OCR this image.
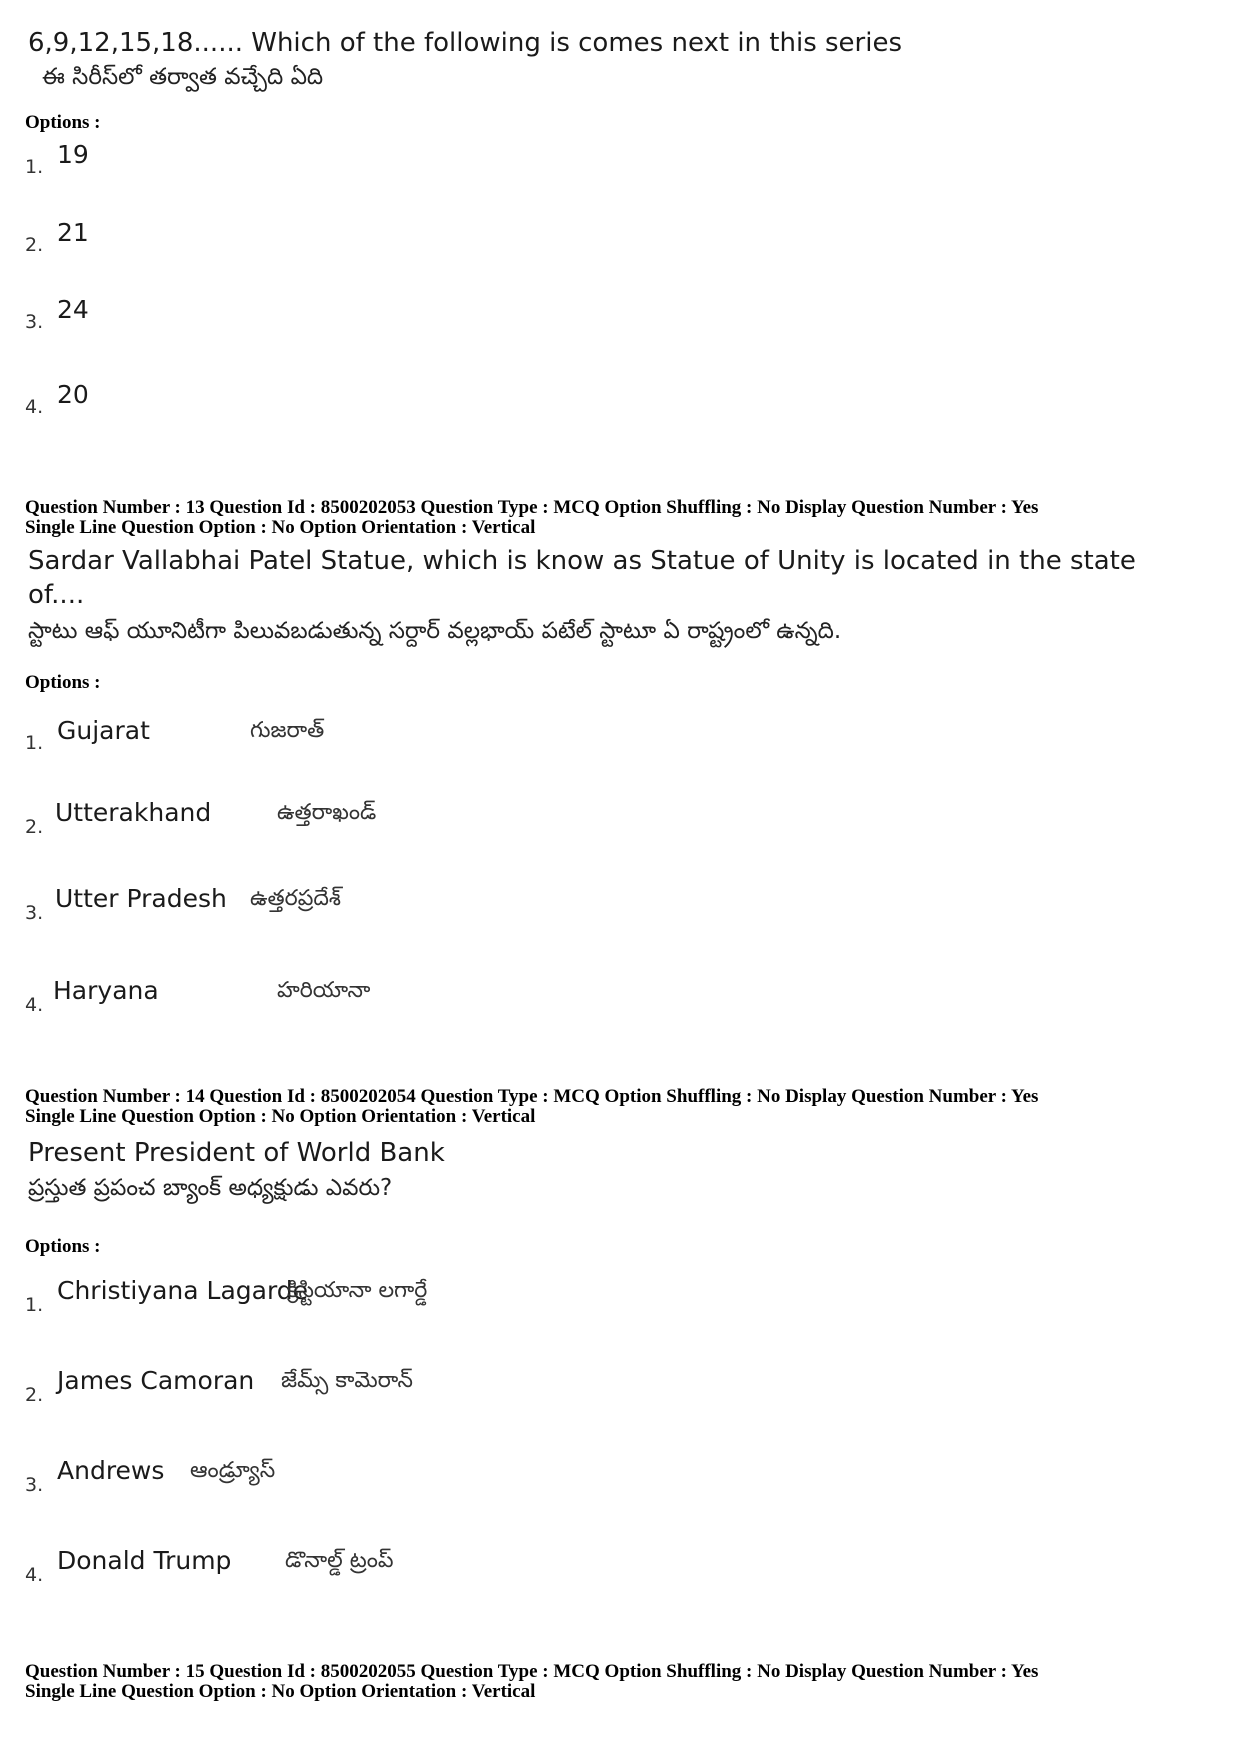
6,9,12,15,18...... Which of the following is comes next in this series
ఈ సిరీస్‌లో తర్వాత వచ్చేది ఏది
Options :
1. 19
2. 21
3. 24
4. 20
Question Number : 13 Question Id : 8500202053 Question Type : MCQ Option Shuffling : No Display Question Number : Yes
Single Line Question Option : No Option Orientation : Vertical
Sardar Vallabhai Patel Statue, which is know as Statue of Unity is located in the state
of....
స్టాటు ఆఫ్ యూనిటీగా పిలువబడుతున్న సర్దార్ వల్లభాయ్ పటేల్ స్టాటూ ఏ రాష్ట్రంలో ఉన్నది.
Options :
1. Gujarat	గుజరాత్
2. Utterakhand	ఉత్తరాఖండ్
3. Utter Pradesh ఉత్తరప్రదేశ్
4. Haryana	హరియానా
Question Number : 14 Question Id : 8500202054 Question Type : MCQ Option Shuffling : No Display Question Number : Yes
Single Line Question Option : No Option Orientation : Vertical
Present President of World Bank
ప్రస్తుత ప్రపంచ బ్యాంక్ అధ్యక్షుడు ఎవరు?
Options :
1. Christiyana Lagarde
క్రిస్టియానా లగార్డే
2. James Camoran జేమ్స్ కామెరాన్
3. Andrews ఆండ్ర్యూస్
4. Donald Trump డొనాల్డ్ ట్రంప్
Question Number : 15 Question Id : 8500202055 Question Type : MCQ Option Shuffling : No Display Question Number : Yes
Single Line Question Option : No Option Orientation : Vertical
